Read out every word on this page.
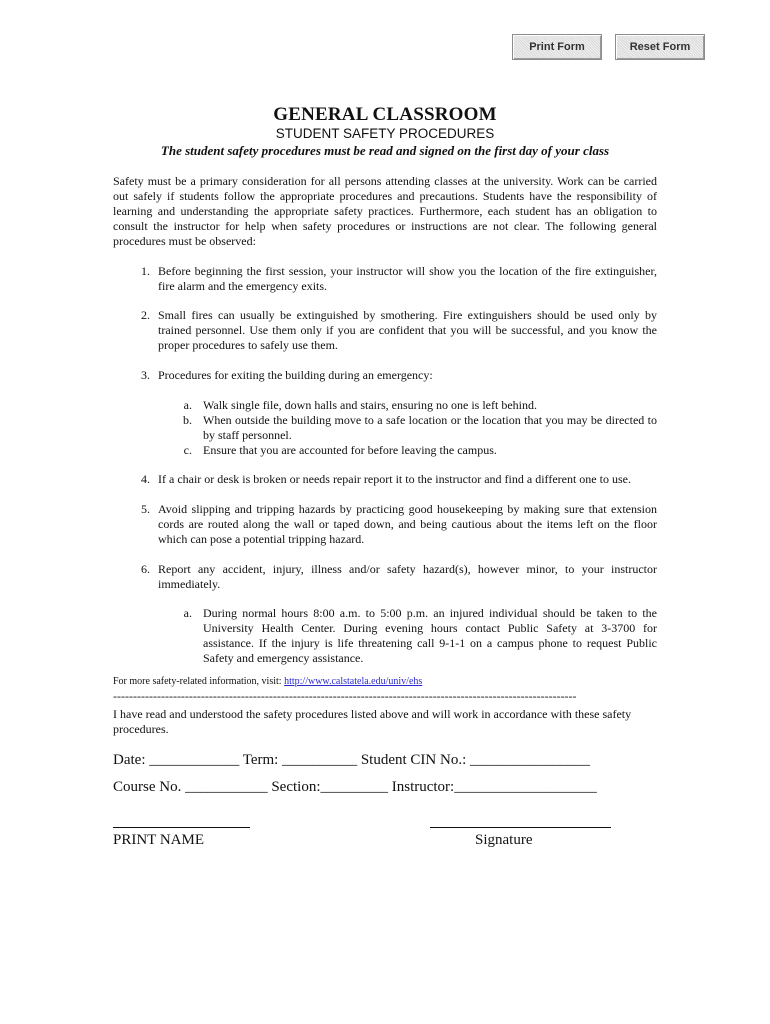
Print Form	Reset Form
GENERAL CLASSROOM
STUDENT SAFETY PROCEDURES
The student safety procedures must be read and signed on the first day of your class
Safety must be a primary consideration for all persons attending classes at the university. Work can be carried out safely if students follow the appropriate procedures and precautions. Students have the responsibility of learning and understanding the appropriate safety practices. Furthermore, each student has an obligation to consult the instructor for help when safety procedures or instructions are not clear. The following general procedures must be observed:
1. Before beginning the first session, your instructor will show you the location of the fire extinguisher, fire alarm and the emergency exits.
2. Small fires can usually be extinguished by smothering. Fire extinguishers should be used only by trained personnel. Use them only if you are confident that you will be successful, and you know the proper procedures to safely use them.
3. Procedures for exiting the building during an emergency:
a. Walk single file, down halls and stairs, ensuring no one is left behind.
b. When outside the building move to a safe location or the location that you may be directed to by staff personnel.
c. Ensure that you are accounted for before leaving the campus.
4. If a chair or desk is broken or needs repair report it to the instructor and find a different one to use.
5. Avoid slipping and tripping hazards by practicing good housekeeping by making sure that extension cords are routed along the wall or taped down, and being cautious about the items left on the floor which can pose a potential tripping hazard.
6. Report any accident, injury, illness and/or safety hazard(s), however minor, to your instructor immediately.
a. During normal hours 8:00 a.m. to 5:00 p.m. an injured individual should be taken to the University Health Center. During evening hours contact Public Safety at 3-3700 for assistance. If the injury is life threatening call 9-1-1 on a campus phone to request Public Safety and emergency assistance.
For more safety-related information, visit: http://www.calstatela.edu/univ/ehs
--------------------------------------------------------------------------------------------------------------------
I have read and understood the safety procedures listed above and will work in accordance with these safety procedures.
Date: ____________ Term: __________ Student CIN No.: ________________
Course No. ___________ Section:_________ Instructor:___________________
PRINT NAME	Signature
